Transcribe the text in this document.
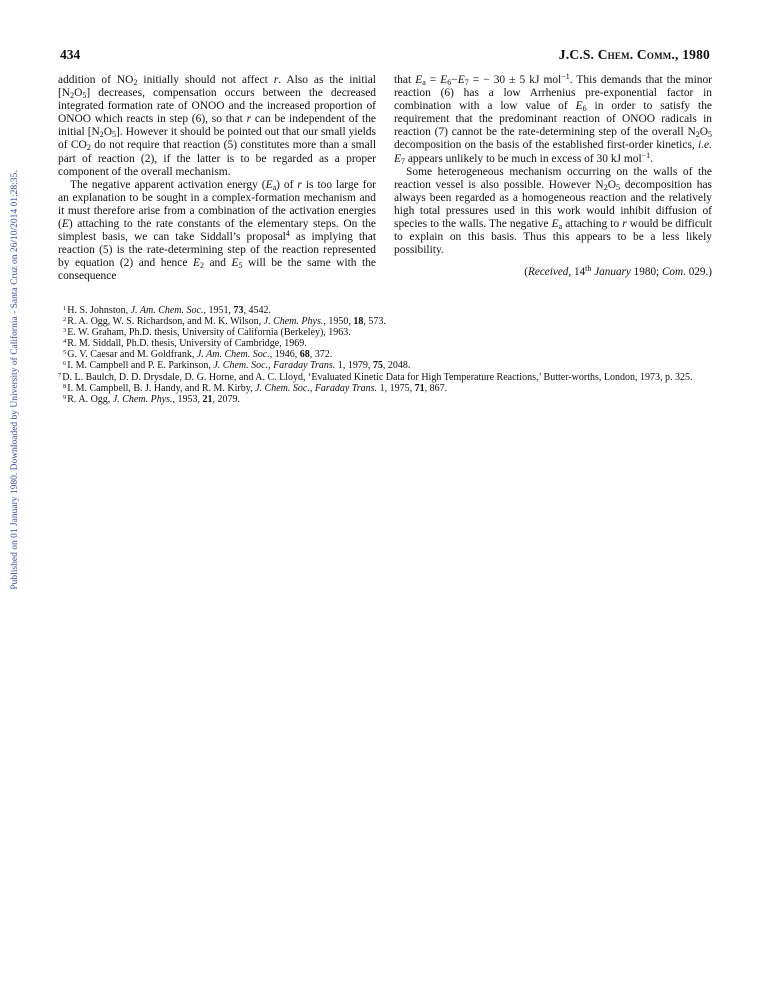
434	J.C.S. Chem. Comm., 1980
Published on 01 January 1980. Downloaded by University of California - Santa Cruz on 26/10/2014 01:28:35.

addition of $NO_2$ initially should not affect r. Also as the initial $[N_2O_5]$ decreases, compensation occurs between the decreased integrated formation rate of ONOO and the increased proportion of ONOO which reacts in step (6), so that r can be independent of the initial $[N_2O_5]$. However it should be pointed out that our small yields of $CO_2$ do not require that reaction (5) constitutes more than a small part of reaction (2), if the latter is to be regarded as a proper component of the overall mechanism.

The negative apparent activation energy $(E_a)$ of r is too large for an explanation to be sought in a complex-formation mechanism and it must therefore arise from a combination of the activation energies (E) attaching to the rate constants of the elementary steps. On the simplest basis, we can take Siddall’s proposal$^4$ as implying that reaction (5) is the rate-determining step of the reaction represented by equation (2) and hence $E_2$ and $E_5$ will be the same with the consequence

that $E_a = E_6-E_7$ = − 30 ± 5 kJ mol$^{-1}$. This demands that the minor reaction (6) has a low Arrhenius pre-exponential factor in combination with a low value of $E_6$ in order to satisfy the requirement that the predominant reaction of ONOO radicals in reaction (7) cannot be the rate-determining step of the overall $N_2O_5$ decomposition on the basis of the established first-order kinetics, i.e. $E_7$ appears unlikely to be much in excess of 30 kJ mol$^{-1}$.

Some heterogeneous mechanism occurring on the walls of the reaction vessel is also possible. However $N_2O_5$ decomposition has always been regarded as a homogeneous reaction and the relatively high total pressures used in this work would inhibit diffusion of species to the walls. The negative $E_a$ attaching to r would be difficult to explain on this basis. Thus this appears to be a less likely possibility.

(Received, 14th January 1980; Com. 029.)

$^1$H. S. Johnston, J. Am. Chem. Soc., 1951, 73, 4542.

$^2$R. A. Ogg, W. S. Richardson, and M. K. Wilson, J. Chem. Phys., 1950, 18, 573.

$^3$E. W. Graham, Ph.D. thesis, University of California (Berkeley), 1963.

$^4$R. M. Siddall, Ph.D. thesis, University of Cambridge, 1969.

$^5$G. V. Caesar and M. Goldfrank, J. Am. Chem. Soc., 1946, 68, 372.

$^6$I. M. Campbell and P. E. Parkinson, J. Chem. Soc., Faraday Trans. 1, 1979, 75, 2048.

$^7$D. L. Baulch, D. D. Drysdale, D. G. Horne, and A. C. Lloyd, ‘Evaluated Kinetic Data for High Temperature Reactions,’ Butter-worths, London, 1973, p. 325.

$^8$I. M. Campbell, B. J. Handy, and R. M. Kirby, J. Chem. Soc., Faraday Trans. 1, 1975, 71, 867.

$^9$R. A. Ogg, J. Chem. Phys., 1953, 21, 2079.
